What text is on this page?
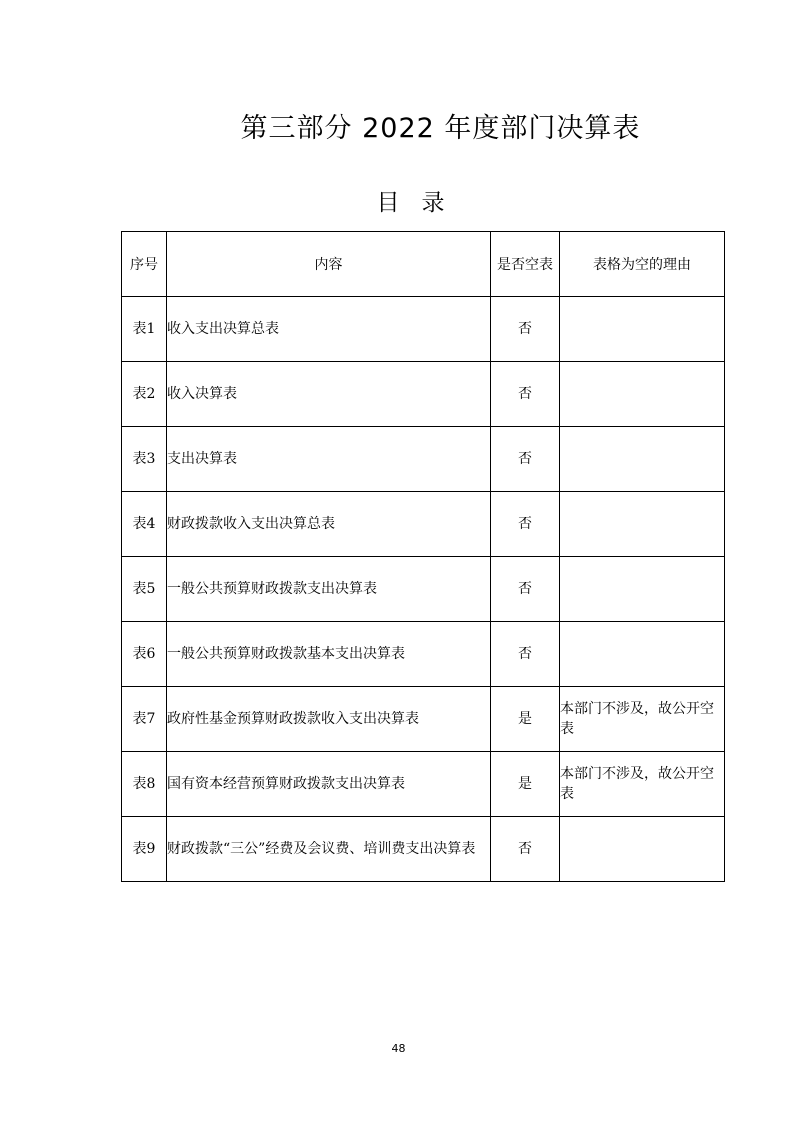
第三部分 2022 年度部门决算表
目录
序号	内容	是否空表	表格为空的理由
表1	收入支出决算总表	否	
表2	收入决算表	否	
表3	支出决算表	否	
表4	财政拨款收入支出决算总表	否	
表5	一般公共预算财政拨款支出决算表	否	
表6	一般公共预算财政拨款基本支出决算表	否	
表7	政府性基金预算财政拨款收入支出决算表	是	本部门不涉及，故公开空表
表8	国有资本经营预算财政拨款支出决算表	是	本部门不涉及，故公开空表
表9	财政拨款“三公”经费及会议费、培训费支出决算表	否	
48
